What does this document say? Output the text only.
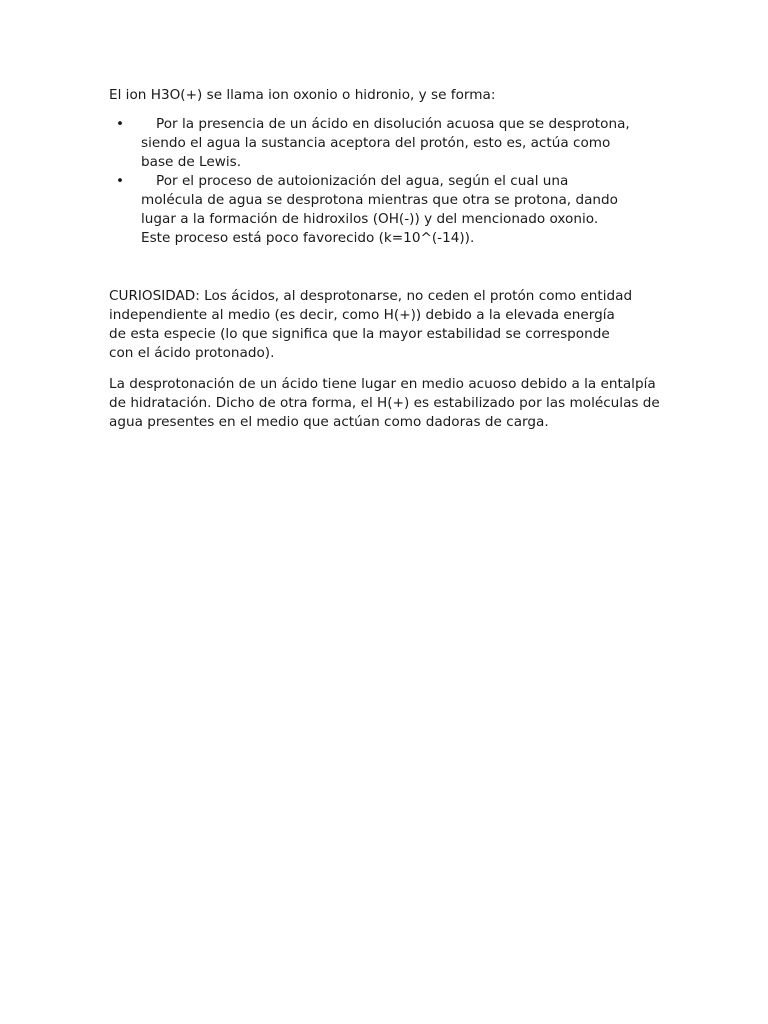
El ion H3O(+) se llama ion oxonio o hidronio, y se forma:

•	Por la presencia de un ácido en disolución acuosa que se desprotona, siendo el agua la sustancia aceptora del protón, esto es, actúa como base de Lewis.
•	Por el proceso de autoionización del agua, según el cual una molécula de agua se desprotona mientras que otra se protona, dando lugar a la formación de hidroxilos (OH(-)) y del mencionado oxonio. Este proceso está poco favorecido (k=10^(-14)).

CURIOSIDAD: Los ácidos, al desprotonarse, no ceden el protón como entidad independiente al medio (es decir, como H(+)) debido a la elevada energía de esta especie (lo que significa que la mayor estabilidad se corresponde con el ácido protonado).

La desprotonación de un ácido tiene lugar en medio acuoso debido a la entalpía de hidratación. Dicho de otra forma, el H(+) es estabilizado por las moléculas de agua presentes en el medio que actúan como dadoras de carga.
